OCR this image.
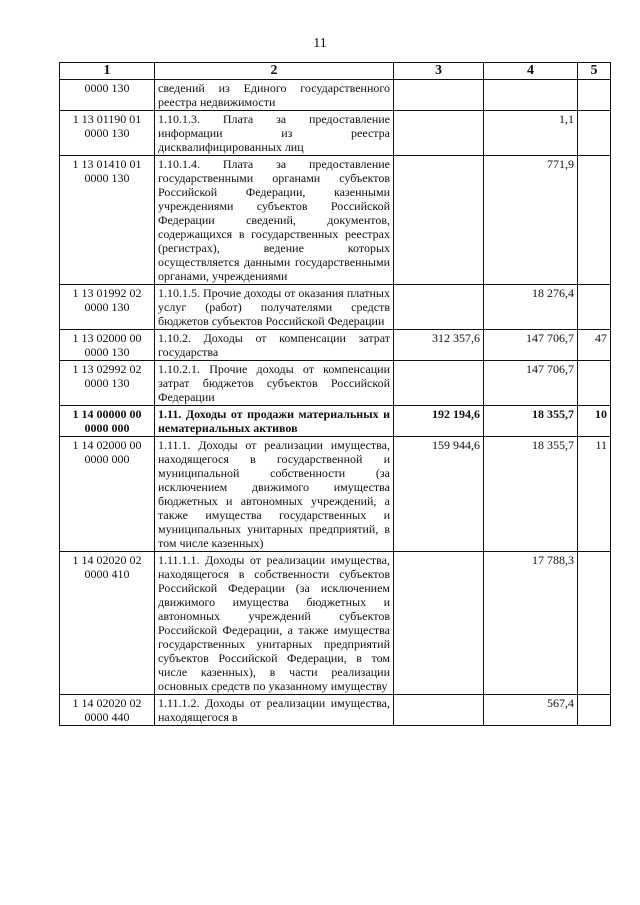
11
1	2	3	4	5
0000 130	сведений из Единого государственного реестра недвижимости			
1 13 01190 01 0000 130	1.10.1.3. Плата за предоставление информации из реестра дисквалифицированных лиц		1,1	
1 13 01410 01 0000 130	1.10.1.4. Плата за предоставление государственными органами субъектов Российской Федерации, казенными учреждениями субъектов Российской Федерации сведений, документов, содержащихся в государственных реестрах (регистрах), ведение которых осуществляется данными государственными органами, учреждениями		771,9	
1 13 01992 02 0000 130	1.10.1.5. Прочие доходы от оказания платных услуг (работ) получателями средств бюджетов субъектов Российской Федерации		18 276,4	
1 13 02000 00 0000 130	1.10.2. Доходы от компенсации затрат государства	312 357,6	147 706,7	47
1 13 02992 02 0000 130	1.10.2.1. Прочие доходы от компенсации затрат бюджетов субъектов Российской Федерации		147 706,7	
1 14 00000 00 0000 000	1.11. Доходы от продажи материальных и нематериальных активов	192 194,6	18 355,7	10
1 14 02000 00 0000 000	1.11.1. Доходы от реализации имущества, находящегося в государственной и муниципальной собственности (за исключением движимого имущества бюджетных и автономных учреждений, а также имущества государственных и муниципальных унитарных предприятий, в том числе казенных)	159 944,6	18 355,7	11
1 14 02020 02 0000 410	1.11.1.1. Доходы от реализации имущества, находящегося в собственности субъектов Российской Федерации (за исключением движимого имущества бюджетных и автономных учреждений субъектов Российской Федерации, а также имущества государственных унитарных предприятий субъектов Российской Федерации, в том числе казенных), в части реализации основных средств по указанному имуществу		17 788,3	
1 14 02020 02 0000 440	1.11.1.2. Доходы от реализации имущества, находящегося в		567,4	
